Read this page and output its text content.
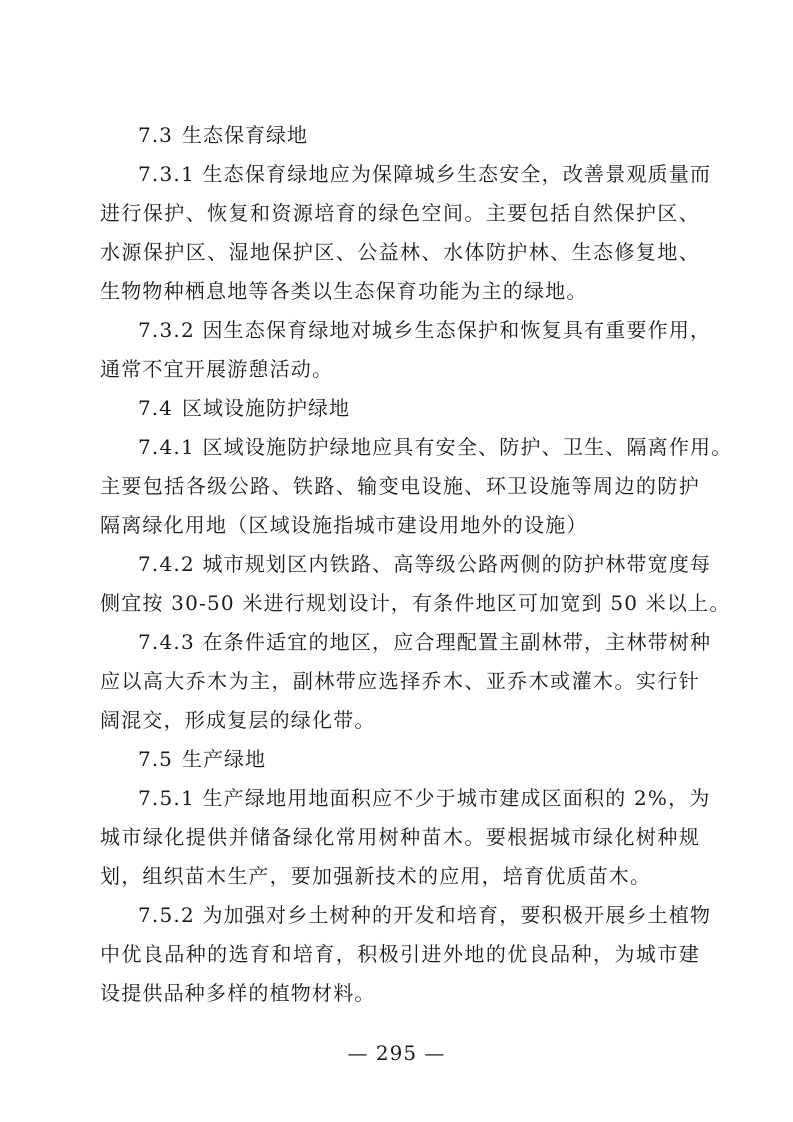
7.3 生态保育绿地
7.3.1 生态保育绿地应为保障城乡生态安全，改善景观质量而
进行保护、恢复和资源培育的绿色空间。主要包括自然保护区、
水源保护区、湿地保护区、公益林、水体防护林、生态修复地、
生物物种栖息地等各类以生态保育功能为主的绿地。
7.3.2 因生态保育绿地对城乡生态保护和恢复具有重要作用，
通常不宜开展游憩活动。
7.4 区域设施防护绿地
7.4.1 区域设施防护绿地应具有安全、防护、卫生、隔离作用。
主要包括各级公路、铁路、输变电设施、环卫设施等周边的防护
隔离绿化用地（区域设施指城市建设用地外的设施）
7.4.2 城市规划区内铁路、高等级公路两侧的防护林带宽度每
侧宜按 30-50 米进行规划设计，有条件地区可加宽到 50 米以上。
7.4.3 在条件适宜的地区，应合理配置主副林带，主林带树种
应以高大乔木为主，副林带应选择乔木、亚乔木或灌木。实行针
阔混交，形成复层的绿化带。
7.5 生产绿地
7.5.1 生产绿地用地面积应不少于城市建成区面积的 2%，为
城市绿化提供并储备绿化常用树种苗木。要根据城市绿化树种规
划，组织苗木生产，要加强新技术的应用，培育优质苗木。
7.5.2 为加强对乡土树种的开发和培育，要积极开展乡土植物
中优良品种的选育和培育，积极引进外地的优良品种，为城市建
设提供品种多样的植物材料。
— 295 —
